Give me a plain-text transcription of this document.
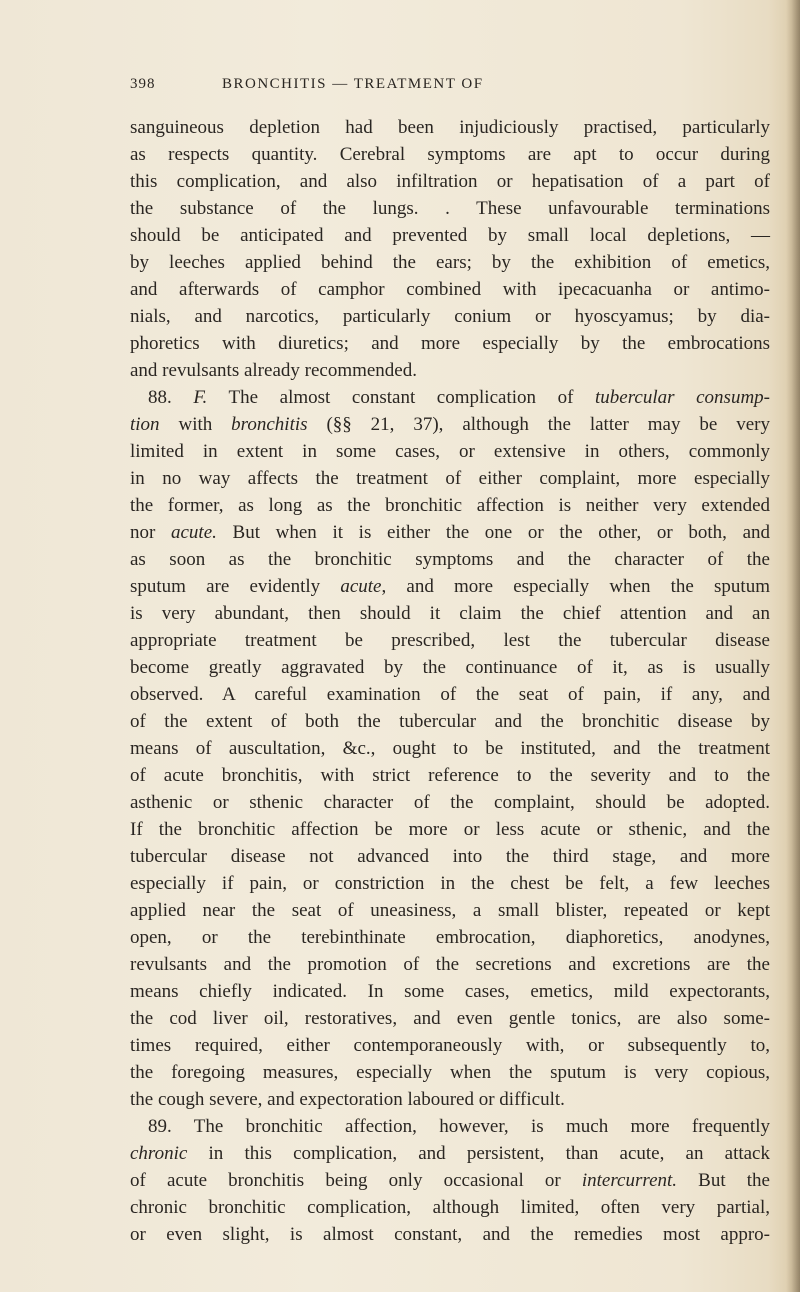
398	BRONCHITIS — TREATMENT OF
sanguineous depletion had been injudiciously practised, particularly
as respects quantity. Cerebral symptoms are apt to occur during
this complication, and also infiltration or hepatisation of a part of
the substance of the lungs. . These unfavourable terminations
should be anticipated and prevented by small local depletions, —
by leeches applied behind the ears; by the exhibition of emetics,
and afterwards of camphor combined with ipecacuanha or antimo-
nials, and narcotics, particularly conium or hyoscyamus; by dia-
phoretics with diuretics; and more especially by the embrocations
and revulsants already recommended.
88. F. The almost constant complication of tubercular consump-
tion with bronchitis (§§ 21, 37), although the latter may be very
limited in extent in some cases, or extensive in others, commonly
in no way affects the treatment of either complaint, more especially
the former, as long as the bronchitic affection is neither very extended
nor acute. But when it is either the one or the other, or both, and
as soon as the bronchitic symptoms and the character of the
sputum are evidently acute, and more especially when the sputum
is very abundant, then should it claim the chief attention and an
appropriate treatment be prescribed, lest the tubercular disease
become greatly aggravated by the continuance of it, as is usually
observed. A careful examination of the seat of pain, if any, and
of the extent of both the tubercular and the bronchitic disease by
means of auscultation, &c., ought to be instituted, and the treatment
of acute bronchitis, with strict reference to the severity and to the
asthenic or sthenic character of the complaint, should be adopted.
If the bronchitic affection be more or less acute or sthenic, and the
tubercular disease not advanced into the third stage, and more
especially if pain, or constriction in the chest be felt, a few leeches
applied near the seat of uneasiness, a small blister, repeated or kept
open, or the terebinthinate embrocation, diaphoretics, anodynes,
revulsants and the promotion of the secretions and excretions are the
means chiefly indicated. In some cases, emetics, mild expectorants,
the cod liver oil, restoratives, and even gentle tonics, are also some-
times required, either contemporaneously with, or subsequently to,
the foregoing measures, especially when the sputum is very copious,
the cough severe, and expectoration laboured or difficult.
89. The bronchitic affection, however, is much more frequently
chronic in this complication, and persistent, than acute, an attack
of acute bronchitis being only occasional or intercurrent. But the
chronic bronchitic complication, although limited, often very partial,
or even slight, is almost constant, and the remedies most appro-
